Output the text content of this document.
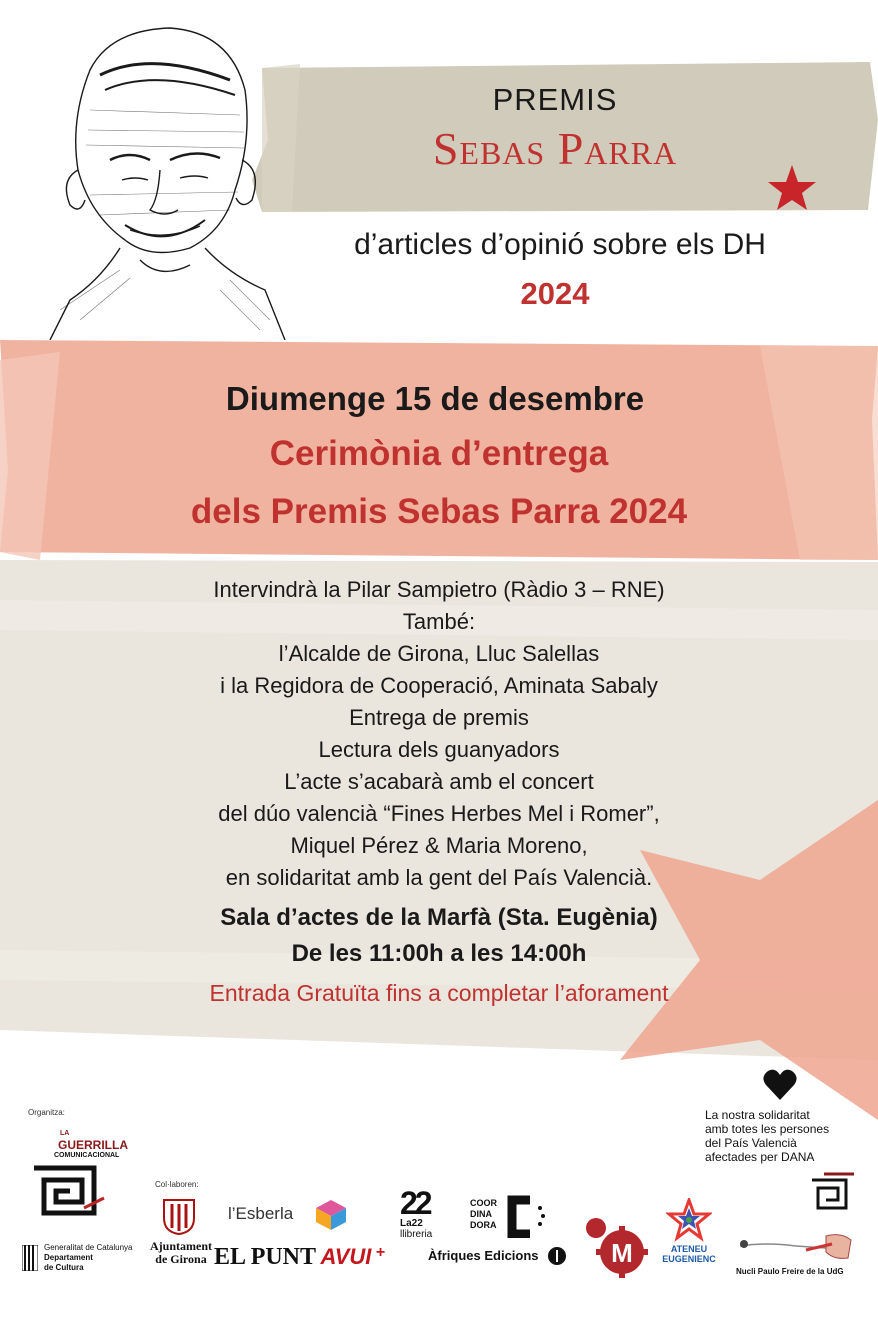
PREMIS
Sebas Parra
d’articles d’opinió sobre els DH
2024
Diumenge 15 de desembre
Cerimònia d’entrega
dels Premis Sebas Parra 2024
Intervindrà la Pilar Sampietro (Ràdio 3 – RNE)
També:
l’Alcalde de Girona, Lluc Salellas
i la Regidora de Cooperació, Aminata Sabaly
Entrega de premis
Lectura dels guanyadors
L’acte s’acabarà amb el concert
del dúo valencià “Fines Herbes Mel i Romer”,
Miquel Pérez & Maria Moreno,
en solidaritat amb la gent del País Valencià.
Sala d’actes de la Marfà (Sta. Eugènia)
De les 11:00h a les 14:00h
Entrada Gratuïta fins a completar l’aforament
La nostra solidaritat
amb totes les persones
del País Valencià
afectades per DANA
Organitza:
LA
GUERRILLA
COMUNICACIONAL
Generalitat de Catalunya
Departament
de Cultura
Col·laboren:
Ajuntament
de Girona
l’Esberla
EL PUNT AVUI +
22
La22
llibreria
COOR
DINA
DORA
Àfriques Edicions	M	ATENEU
EUGENIENC
Nucli Paulo Freire de la UdG
